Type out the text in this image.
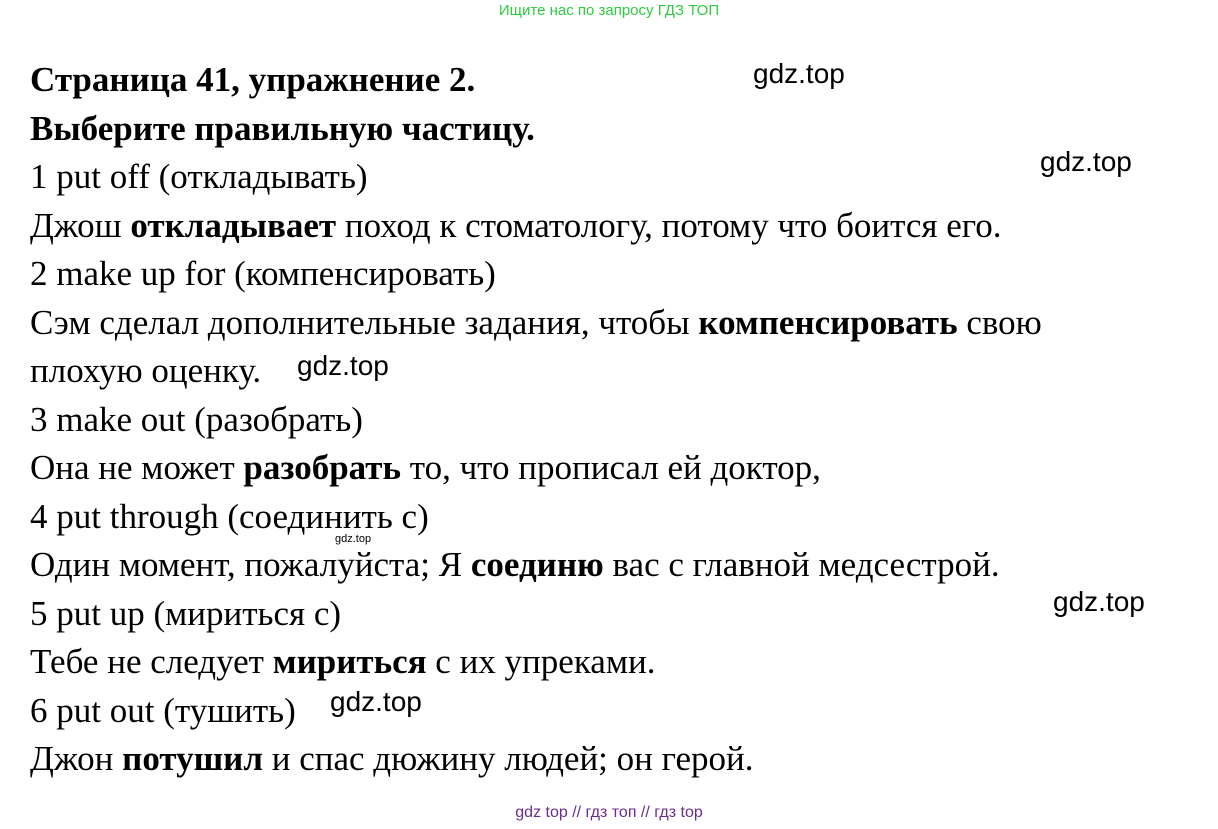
Ищите нас по запросу ГДЗ ТОП
Страница 41, упражнение 2.
Выберите правильную частицу.
1 put off (откладывать)
Джош откладывает поход к стоматологу, потому что боится его.
2 make up for (компенсировать)
Сэм сделал дополнительные задания, чтобы компенсировать свою
плохую оценку.
3 make out (разобрать)
Она не может разобрать то, что прописал ей доктор,
4 put through (соединить с)
Один момент, пожалуйста; Я соединю вас с главной медсестрой.
5 put up (мириться с)
Тебе не следует мириться с их упреками.
6 put out (тушить)
Джон потушил и спас дюжину людей; он герой.
gdz.top
gdz.top
gdz.top
gdz.top
gdz.top
gdz.top
gdz top // гдз топ // гдз top
